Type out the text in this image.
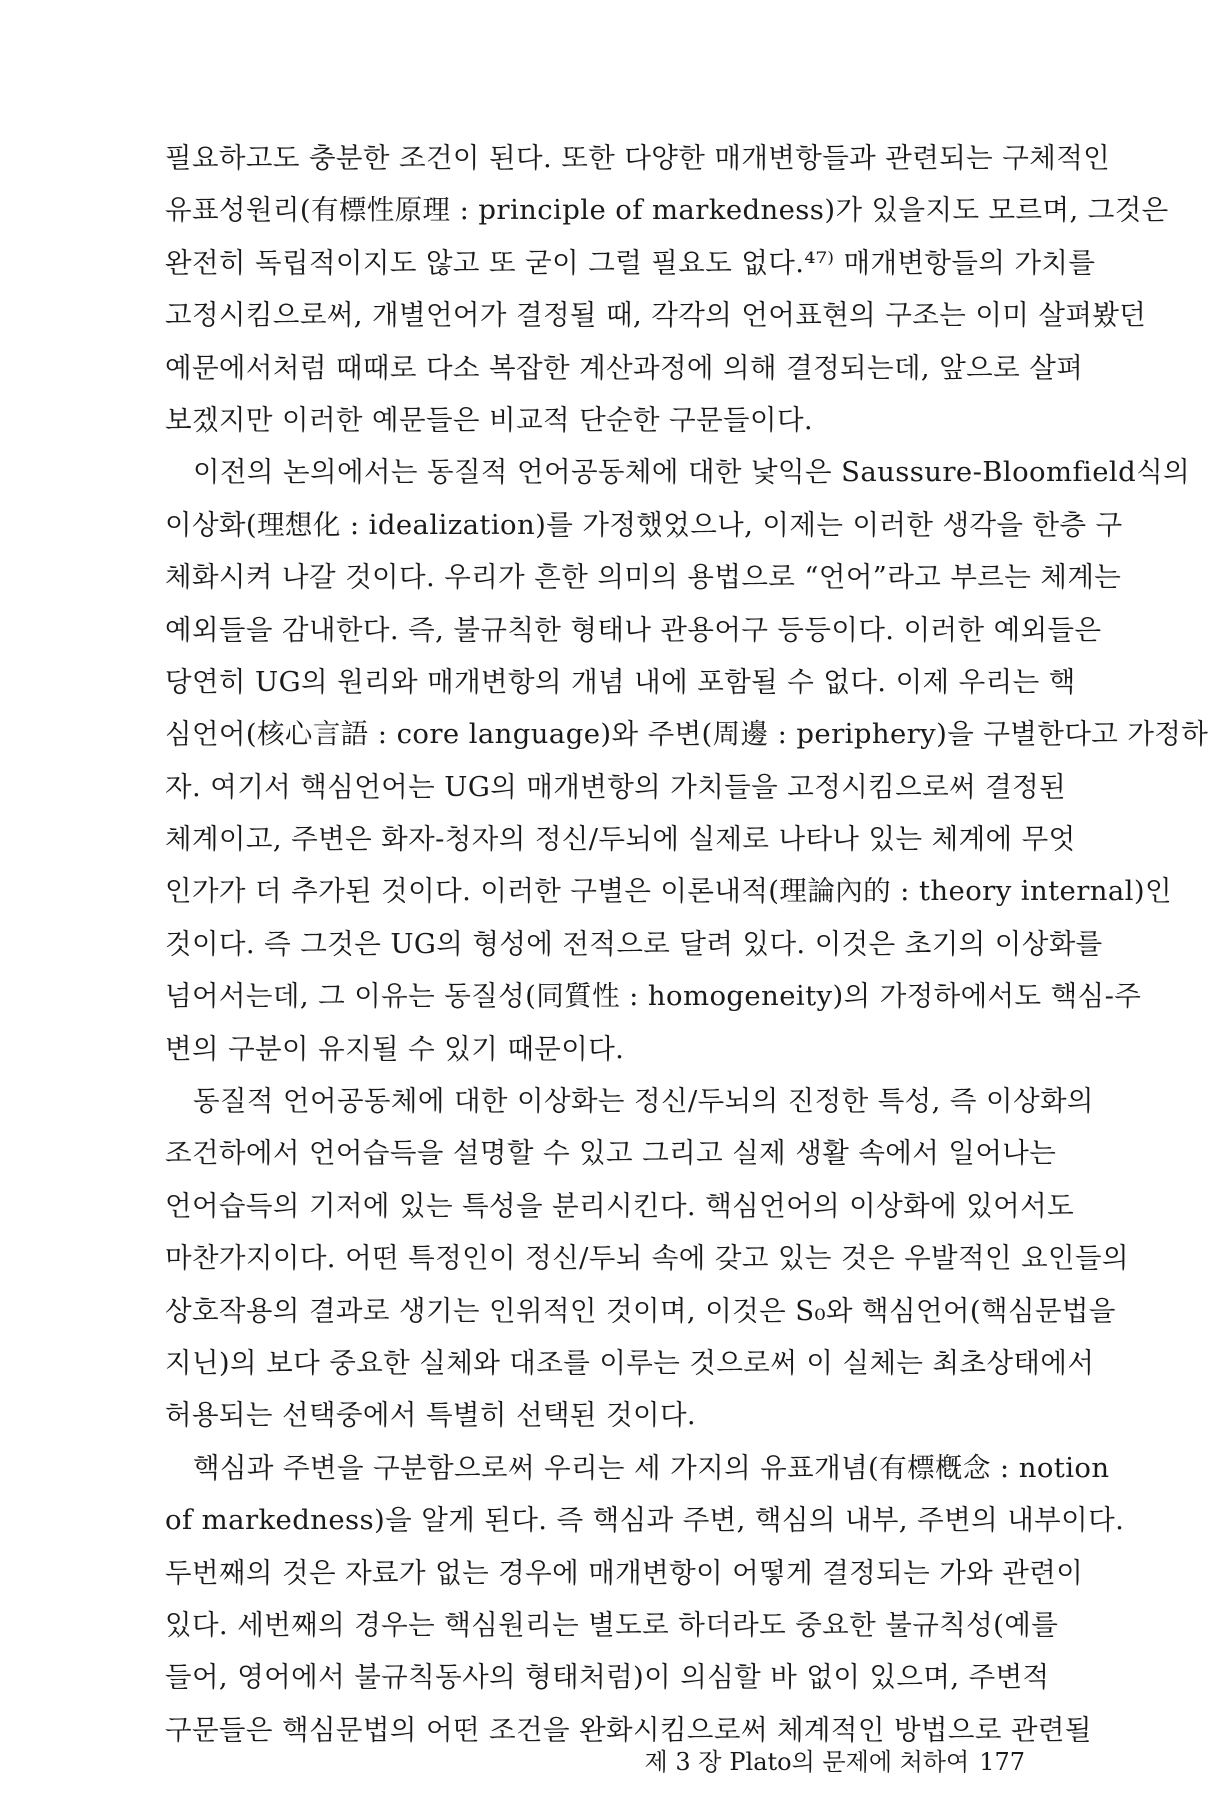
필요하고도 충분한 조건이 된다. 또한 다양한 매개변항들과 관련되는 구체적인
유표성원리(有標性原理 : principle of markedness)가 있을지도 모르며, 그것은
완전히 독립적이지도 않고 또 굳이 그럴 필요도 없다.⁴⁷⁾ 매개변항들의 가치를
고정시킴으로써, 개별언어가 결정될 때, 각각의 언어표현의 구조는 이미 살펴봤던
예문에서처럼 때때로 다소 복잡한 계산과정에 의해 결정되는데, 앞으로 살펴
보겠지만 이러한 예문들은 비교적 단순한 구문들이다.
이전의 논의에서는 동질적 언어공동체에 대한 낯익은 Saussure-Bloomfield식의
이상화(理想化 : idealization)를 가정했었으나, 이제는 이러한 생각을 한층 구
체화시켜 나갈 것이다. 우리가 흔한 의미의 용법으로 “언어”라고 부르는 체계는
예외들을 감내한다. 즉, 불규칙한 형태나 관용어구 등등이다. 이러한 예외들은
당연히 UG의 원리와 매개변항의 개념 내에 포함될 수 없다. 이제 우리는 핵
심언어(核心言語 : core language)와 주변(周邊 : periphery)을 구별한다고 가정하
자. 여기서 핵심언어는 UG의 매개변항의 가치들을 고정시킴으로써 결정된
체계이고, 주변은 화자-청자의 정신/두뇌에 실제로 나타나 있는 체계에 무엇
인가가 더 추가된 것이다. 이러한 구별은 이론내적(理論內的 : theory internal)인
것이다. 즉 그것은 UG의 형성에 전적으로 달려 있다. 이것은 초기의 이상화를
넘어서는데, 그 이유는 동질성(同質性 : homogeneity)의 가정하에서도 핵심-주
변의 구분이 유지될 수 있기 때문이다.
동질적 언어공동체에 대한 이상화는 정신/두뇌의 진정한 특성, 즉 이상화의
조건하에서 언어습득을 설명할 수 있고 그리고 실제 생활 속에서 일어나는
언어습득의 기저에 있는 특성을 분리시킨다. 핵심언어의 이상화에 있어서도
마찬가지이다. 어떤 특정인이 정신/두뇌 속에 갖고 있는 것은 우발적인 요인들의
상호작용의 결과로 생기는 인위적인 것이며, 이것은 S₀와 핵심언어(핵심문법을
지닌)의 보다 중요한 실체와 대조를 이루는 것으로써 이 실체는 최초상태에서
허용되는 선택중에서 특별히 선택된 것이다.
핵심과 주변을 구분함으로써 우리는 세 가지의 유표개념(有標槪念 : notion
of markedness)을 알게 된다. 즉 핵심과 주변, 핵심의 내부, 주변의 내부이다.
두번째의 것은 자료가 없는 경우에 매개변항이 어떻게 결정되는 가와 관련이
있다. 세번째의 경우는 핵심원리는 별도로 하더라도 중요한 불규칙성(예를
들어, 영어에서 불규칙동사의 형태처럼)이 의심할 바 없이 있으며, 주변적
구문들은 핵심문법의 어떤 조건을 완화시킴으로써 체계적인 방법으로 관련될
제 3 장 Plato의 문제에 처하여 177
